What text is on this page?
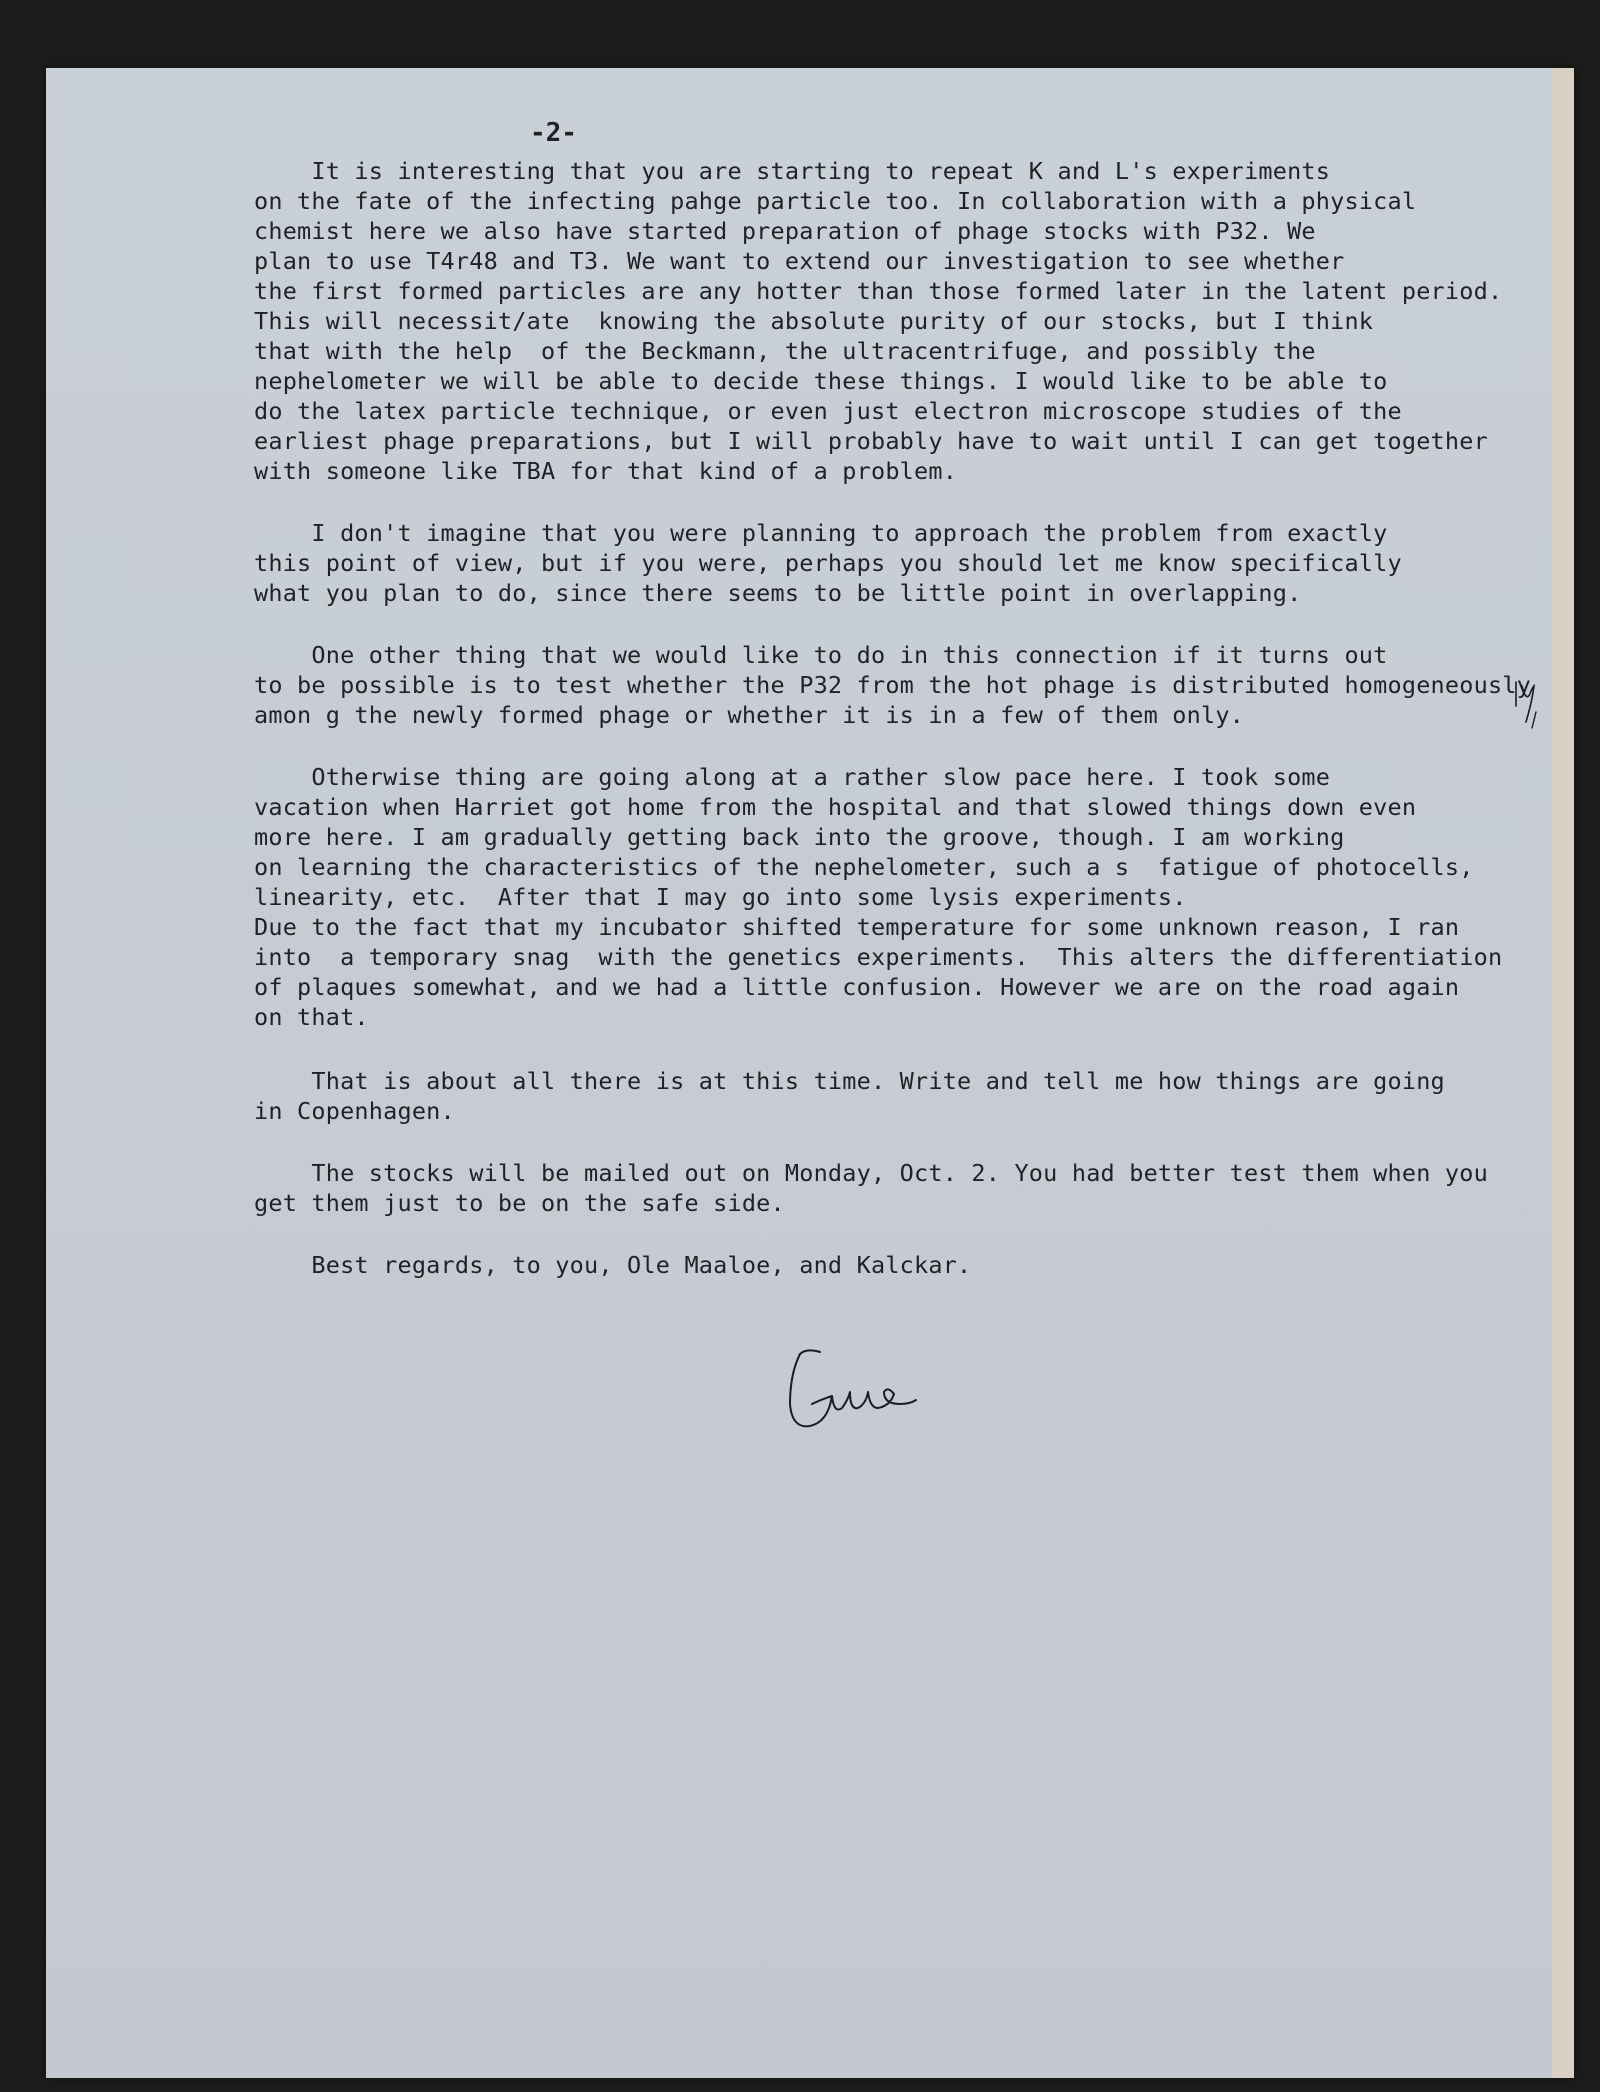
-2-
It is interesting that you are starting to repeat K and L's experiments
on the fate of the infecting pahge particle too. In collaboration with a physical
chemist here we also have started preparation of phage stocks with P32. We
plan to use T4r48 and T3. We want to extend our investigation to see whether
the first formed particles are any hotter than those formed later in the latent period.
This will necessit/ate  knowing the absolute purity of our stocks, but I think
that with the help  of the Beckmann, the ultracentrifuge, and possibly the
nephelometer we will be able to decide these things. I would like to be able to
do the latex particle technique, or even just electron microscope studies of the
earliest phage preparations, but I will probably have to wait until I can get together
with someone like TBA for that kind of a problem.
I don't imagine that you were planning to approach the problem from exactly
this point of view, but if you were, perhaps you should let me know specifically
what you plan to do, since there seems to be little point in overlapping.
One other thing that we would like to do in this connection if it turns out
to be possible is to test whether the P32 from the hot phage is distributed homogeneously
amon g the newly formed phage or whether it is in a few of them only.
Otherwise thing are going along at a rather slow pace here. I took some
vacation when Harriet got home from the hospital and that slowed things down even
more here. I am gradually getting back into the groove, though. I am working
on learning the characteristics of the nephelometer, such a s  fatigue of photocells,
linearity, etc.  After that I may go into some lysis experiments.
Due to the fact that my incubator shifted temperature for some unknown reason, I ran
into  a temporary snag  with the genetics experiments.  This alters the differentiation
of plaques somewhat, and we had a little confusion. However we are on the road again
on that.
That is about all there is at this time. Write and tell me how things are going
in Copenhagen.
The stocks will be mailed out on Monday, Oct. 2. You had better test them when you
get them just to be on the safe side.
Best regards, to you, Ole Maaloe, and Kalckar.
